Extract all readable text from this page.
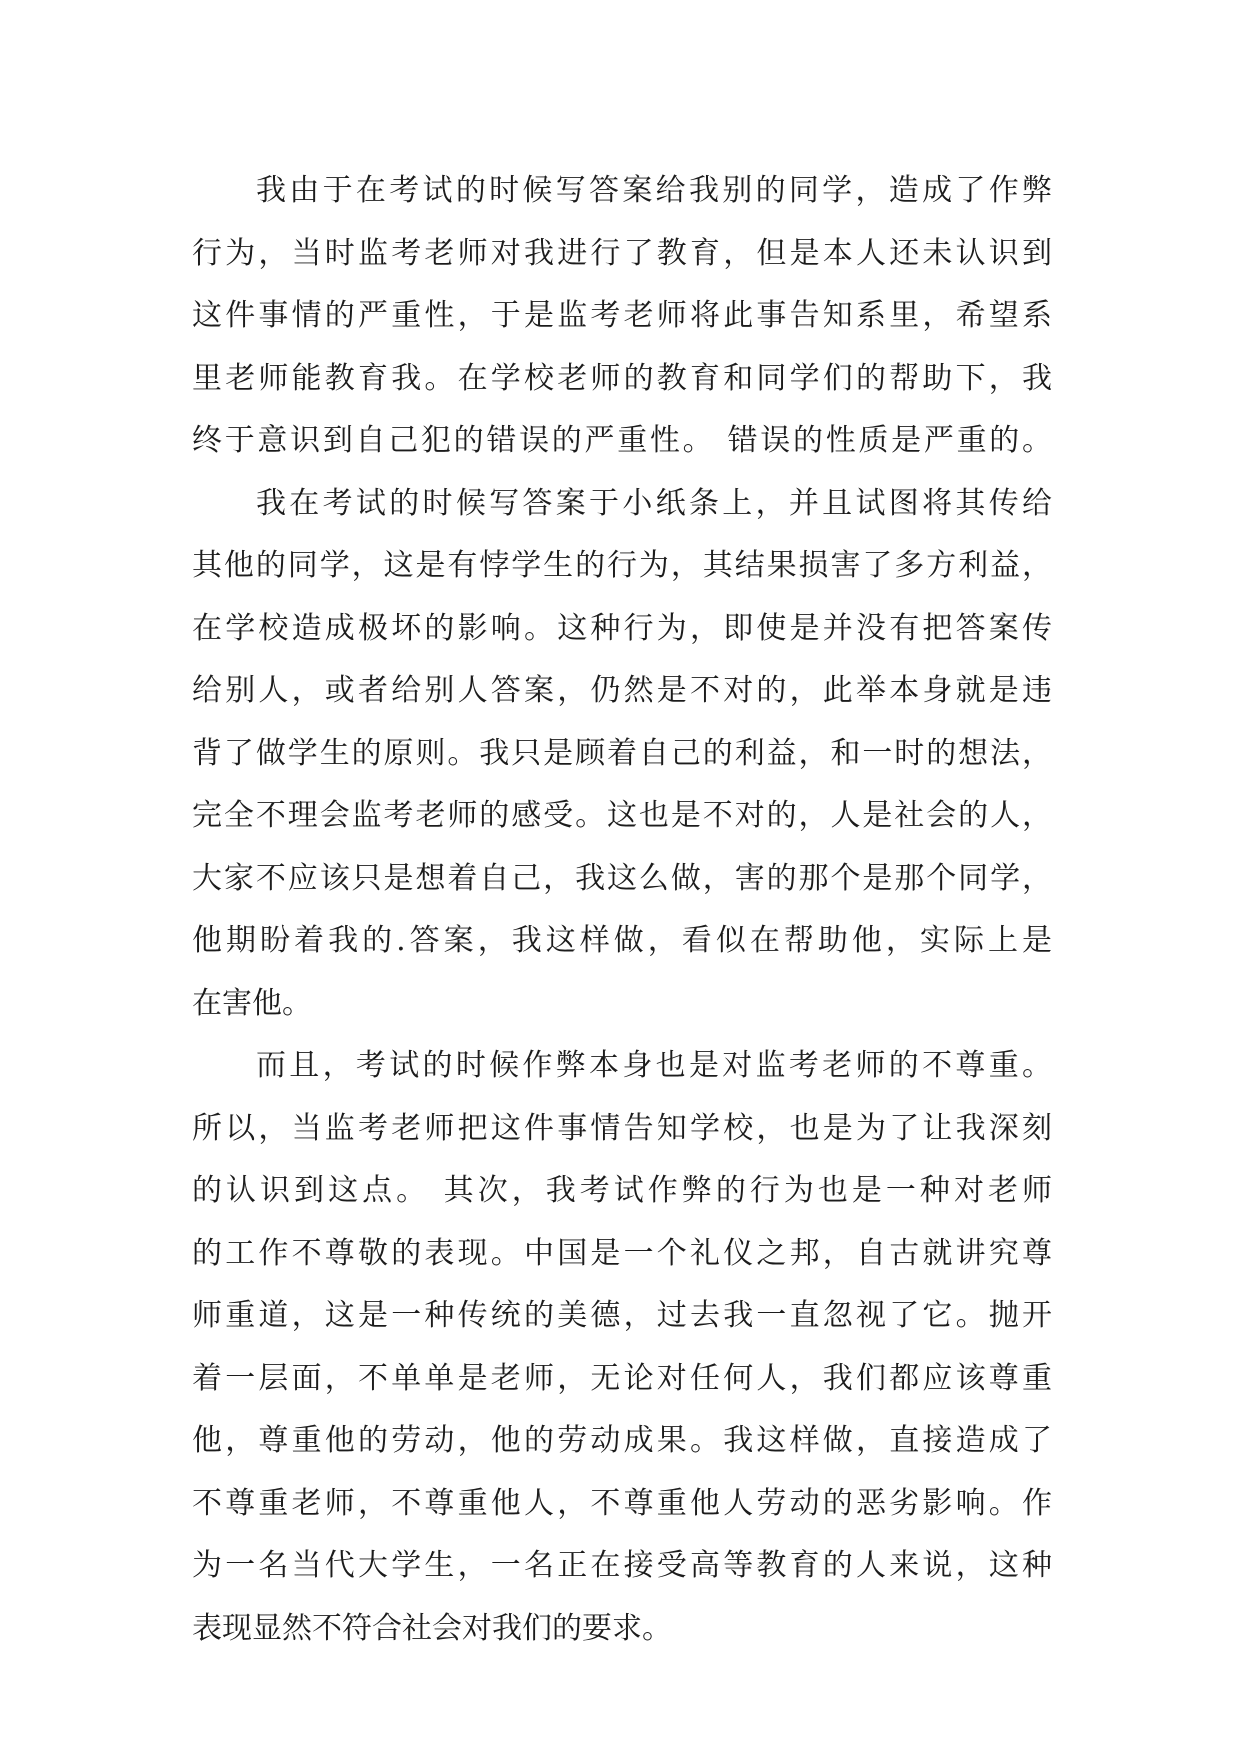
我由于在考试的时候写答案给我别的同学，造成了作弊
行为，当时监考老师对我进行了教育，但是本人还未认识到
这件事情的严重性，于是监考老师将此事告知系里，希望系
里老师能教育我。在学校老师的教育和同学们的帮助下，我
终于意识到自己犯的错误的严重性。 错误的性质是严重的。
我在考试的时候写答案于小纸条上，并且试图将其传给
其他的同学，这是有悖学生的行为，其结果损害了多方利益，
在学校造成极坏的影响。这种行为，即使是并没有把答案传
给别人，或者给别人答案，仍然是不对的，此举本身就是违
背了做学生的原则。我只是顾着自己的利益，和一时的想法，
完全不理会监考老师的感受。这也是不对的，人是社会的人，
大家不应该只是想着自己，我这么做，害的那个是那个同学，
他期盼着我的.答案，我这样做，看似在帮助他，实际上是
在害他。
而且，考试的时候作弊本身也是对监考老师的不尊重。
所以，当监考老师把这件事情告知学校，也是为了让我深刻
的认识到这点。 其次，我考试作弊的行为也是一种对老师
的工作不尊敬的表现。中国是一个礼仪之邦，自古就讲究尊
师重道，这是一种传统的美德，过去我一直忽视了它。抛开
着一层面，不单单是老师，无论对任何人，我们都应该尊重
他，尊重他的劳动，他的劳动成果。我这样做，直接造成了
不尊重老师，不尊重他人，不尊重他人劳动的恶劣影响。作
为一名当代大学生，一名正在接受高等教育的人来说，这种
表现显然不符合社会对我们的要求。
